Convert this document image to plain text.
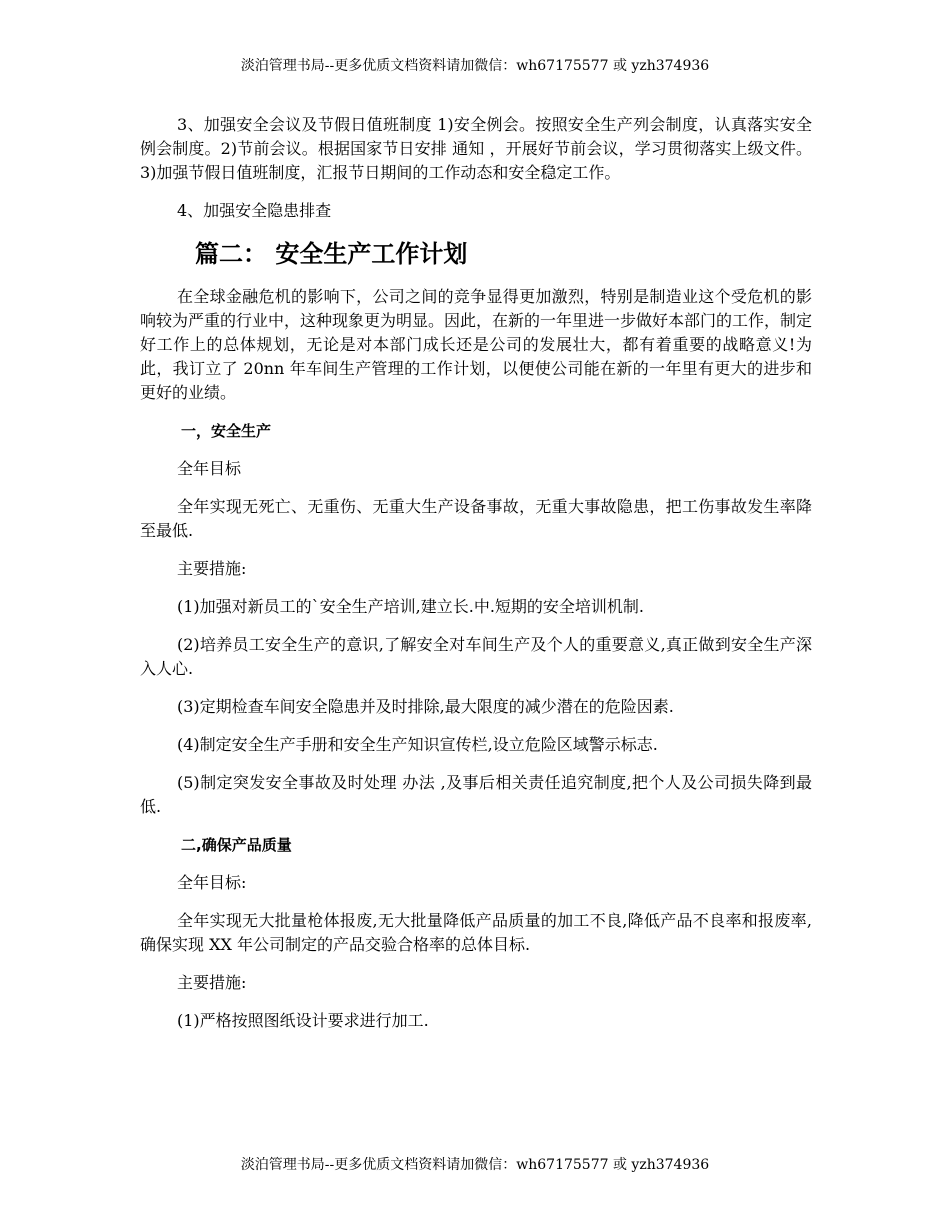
淡泊管理书局--更多优质文档资料请加微信：wh67175577 或 yzh374936

3、加强安全会议及节假日值班制度 1)安全例会。按照安全生产列会制度，认真落实安全例会制度。2)节前会议。根据国家节日安排 通知 ，开展好节前会议，学习贯彻落实上级文件。3)加强节假日值班制度，汇报节日期间的工作动态和安全稳定工作。

4、加强安全隐患排查

篇二： 安全生产工作计划

在全球金融危机的影响下，公司之间的竞争显得更加激烈，特别是制造业这个受危机的影响较为严重的行业中，这种现象更为明显。因此，在新的一年里进一步做好本部门的工作，制定好工作上的总体规划，无论是对本部门成长还是公司的发展壮大，都有着重要的战略意义!为此，我订立了 20nn 年车间生产管理的工作计划，以便使公司能在新的一年里有更大的进步和更好的业绩。

一，安全生产

全年目标

全年实现无死亡、无重伤、无重大生产设备事故，无重大事故隐患，把工伤事故发生率降至最低.

主要措施:

(1)加强对新员工的`安全生产培训,建立长.中.短期的安全培训机制.

(2)培养员工安全生产的意识,了解安全对车间生产及个人的重要意义,真正做到安全生产深入人心.

(3)定期检查车间安全隐患并及时排除,最大限度的减少潜在的危险因素.

(4)制定安全生产手册和安全生产知识宣传栏,设立危险区域警示标志.

(5)制定突发安全事故及时处理 办法 ,及事后相关责任追究制度,把个人及公司损失降到最低.

二,确保产品质量

全年目标:

全年实现无大批量枪体报废,无大批量降低产品质量的加工不良,降低产品不良率和报废率,确保实现 XX 年公司制定的产品交验合格率的总体目标.

主要措施:

(1)严格按照图纸设计要求进行加工.

淡泊管理书局--更多优质文档资料请加微信：wh67175577 或 yzh374936
